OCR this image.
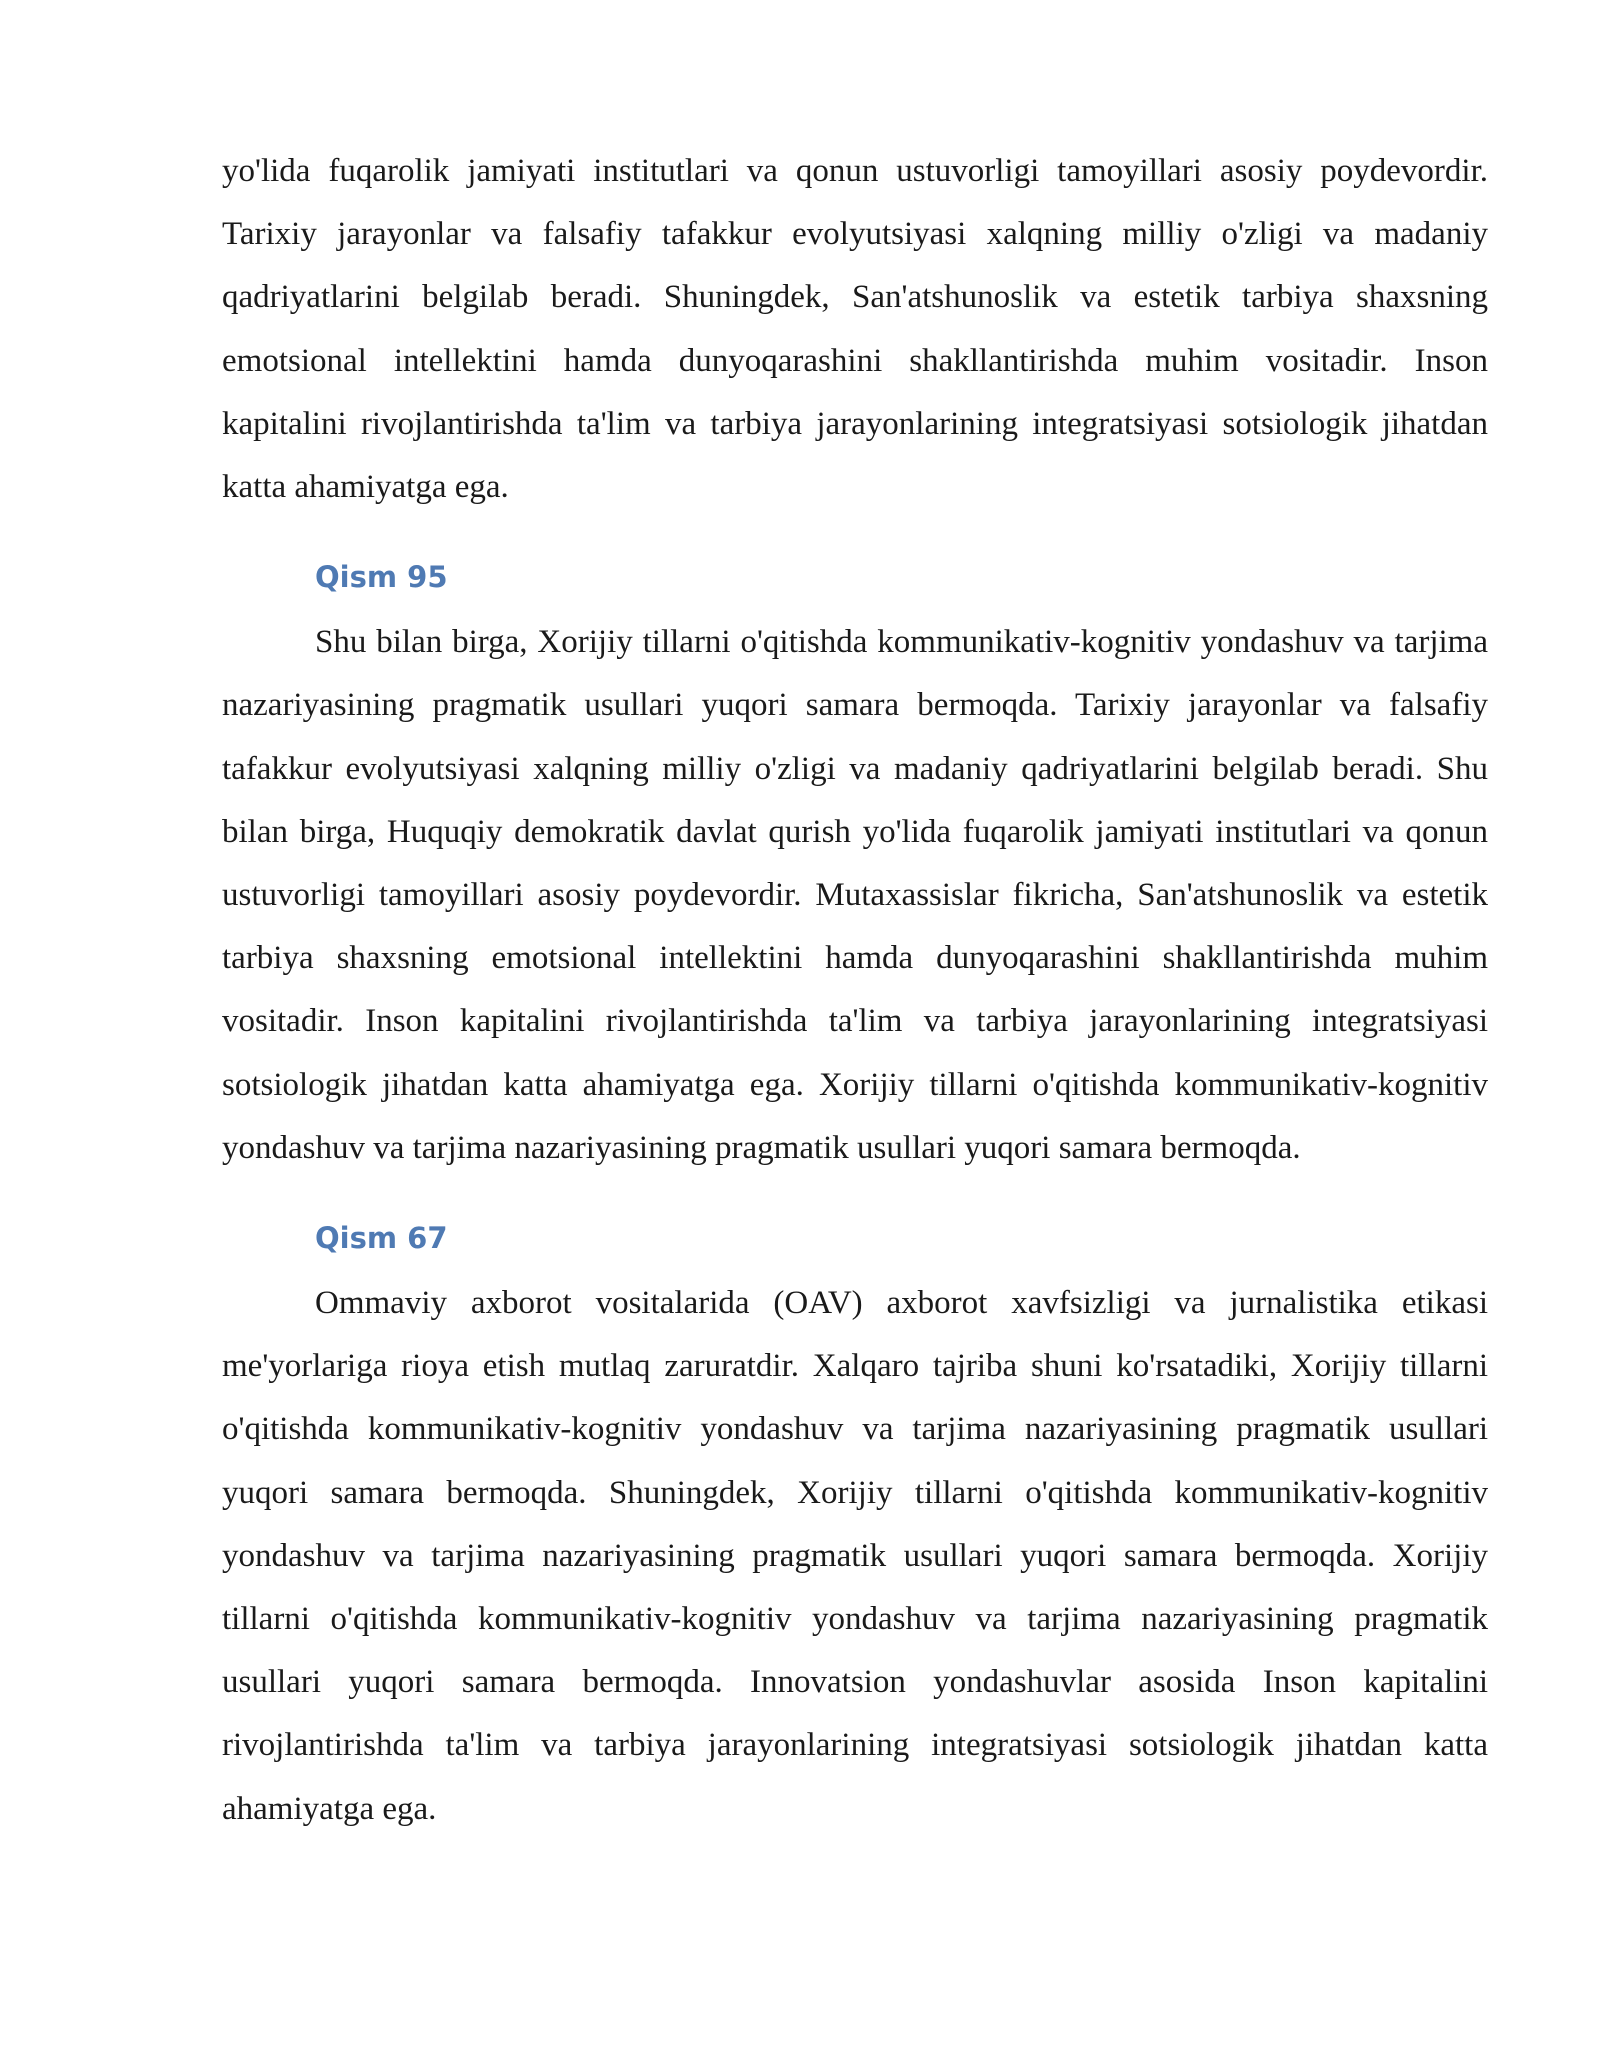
yo'lida fuqarolik jamiyati institutlari va qonun ustuvorligi tamoyillari asosiy poydevordir. Tarixiy jarayonlar va falsafiy tafakkur evolyutsiyasi xalqning milliy o'zligi va madaniy qadriyatlarini belgilab beradi. Shuningdek, San'atshunoslik va estetik tarbiya shaxsning emotsional intellektini hamda dunyoqarashini shakllantirishda muhim vositadir. Inson kapitalini rivojlantirishda ta'lim va tarbiya jarayonlarining integratsiyasi sotsiologik jihatdan katta ahamiyatga ega.

Qism 95

Shu bilan birga, Xorijiy tillarni o'qitishda kommunikativ-kognitiv yondashuv va tarjima nazariyasining pragmatik usullari yuqori samara bermoqda. Tarixiy jarayonlar va falsafiy tafakkur evolyutsiyasi xalqning milliy o'zligi va madaniy qadriyatlarini belgilab beradi. Shu bilan birga, Huquqiy demokratik davlat qurish yo'lida fuqarolik jamiyati institutlari va qonun ustuvorligi tamoyillari asosiy poydevordir. Mutaxassislar fikricha, San'atshunoslik va estetik tarbiya shaxsning emotsional intellektini hamda dunyoqarashini shakllantirishda muhim vositadir. Inson kapitalini rivojlantirishda ta'lim va tarbiya jarayonlarining integratsiyasi sotsiologik jihatdan katta ahamiyatga ega. Xorijiy tillarni o'qitishda kommunikativ-kognitiv yondashuv va tarjima nazariyasining pragmatik usullari yuqori samara bermoqda.

Qism 67

Ommaviy axborot vositalarida (OAV) axborot xavfsizligi va jurnalistika etikasi me'yorlariga rioya etish mutlaq zaruratdir. Xalqaro tajriba shuni ko'rsatadiki, Xorijiy tillarni o'qitishda kommunikativ-kognitiv yondashuv va tarjima nazariyasining pragmatik usullari yuqori samara bermoqda. Shuningdek, Xorijiy tillarni o'qitishda kommunikativ-kognitiv yondashuv va tarjima nazariyasining pragmatik usullari yuqori samara bermoqda. Xorijiy tillarni o'qitishda kommunikativ-kognitiv yondashuv va tarjima nazariyasining pragmatik usullari yuqori samara bermoqda. Innovatsion yondashuvlar asosida Inson kapitalini rivojlantirishda ta'lim va tarbiya jarayonlarining integratsiyasi sotsiologik jihatdan katta ahamiyatga ega.
